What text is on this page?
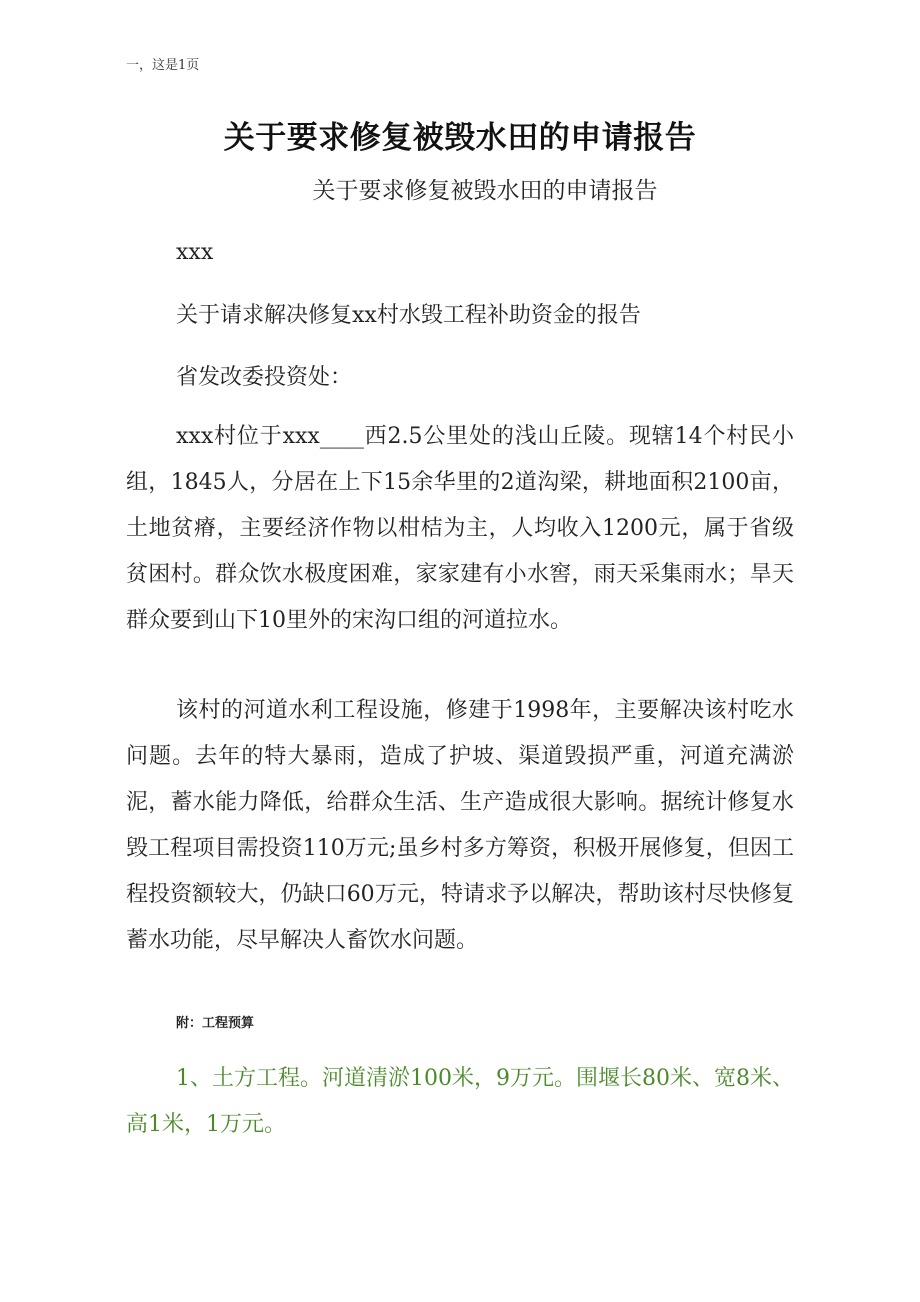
一，这是1页
关于要求修复被毁水田的申请报告
关于要求修复被毁水田的申请报告
xxx
关于请求解决修复xx村水毁工程补助资金的报告
省发改委投资处：

xxx村位于xxx____西2.5公里处的浅山丘陵。现辖14个村民小组，1845人，分居在上下15余华里的2道沟梁，耕地面积2100亩，土地贫瘠，主要经济作物以柑桔为主，人均收入1200元，属于省级贫困村。群众饮水极度困难，家家建有小水窖，雨天采集雨水；旱天群众要到山下10里外的宋沟口组的河道拉水。

该村的河道水利工程设施，修建于1998年，主要解决该村吃水问题。去年的特大暴雨，造成了护坡、渠道毁损严重，河道充满淤泥，蓄水能力降低，给群众生活、生产造成很大影响。据统计修复水毁工程项目需投资110万元;虽乡村多方筹资，积极开展修复，但因工程投资额较大，仍缺口60万元，特请求予以解决，帮助该村尽快修复蓄水功能，尽早解决人畜饮水问题。

附：工程预算

1、土方工程。河道清淤100米，9万元。围堰长80米、宽8米、高1米，1万元。
